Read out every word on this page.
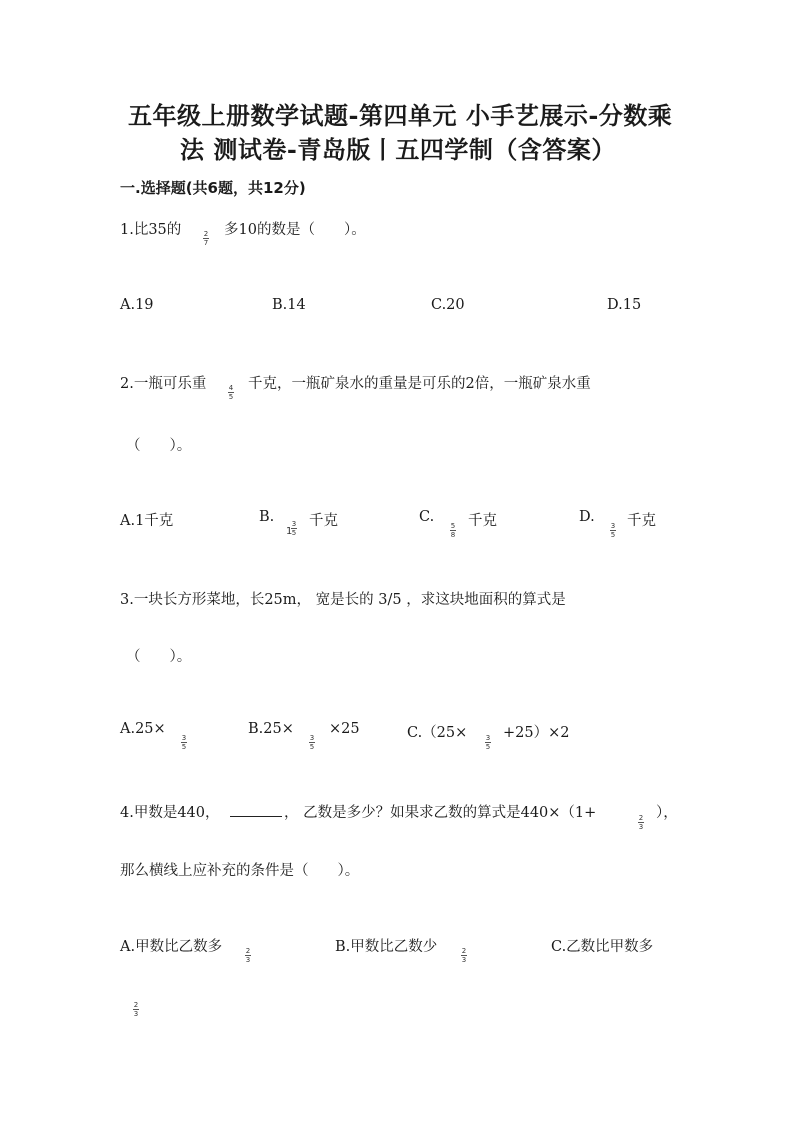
五年级上册数学试题-第四单元 小手艺展示-分数乘
法 测试卷-青岛版丨五四学制（含答案）
一.选择题(共6题，共12分)
1.比35的	2
7
多10的数是（　　）。
A.19	B.14	C.20	D.15
2.一瓶可乐重	4
5
千克，一瓶矿泉水的重量是可乐的2倍，一瓶矿泉水重
（　　）。
A.1千克	B.
1
3
5
千克	C.
5
8
千克	D.
3
5
千克
3.一块长方形菜地，长25m， 宽是长的 3/5 ，求这块地面积的算式是
（　　）。
A.25×
3
5
B.25×
3
5
×25	C.（25×	3
5
+25）×2
4.甲数是440，	， 乙数是多少？如果求乙数的算式是440×（1+	2
3
），
那么横线上应补充的条件是（　　）。
A.甲数比乙数多	2
3
B.甲数比乙数少	2
3
C.乙数比甲数多
2
3
